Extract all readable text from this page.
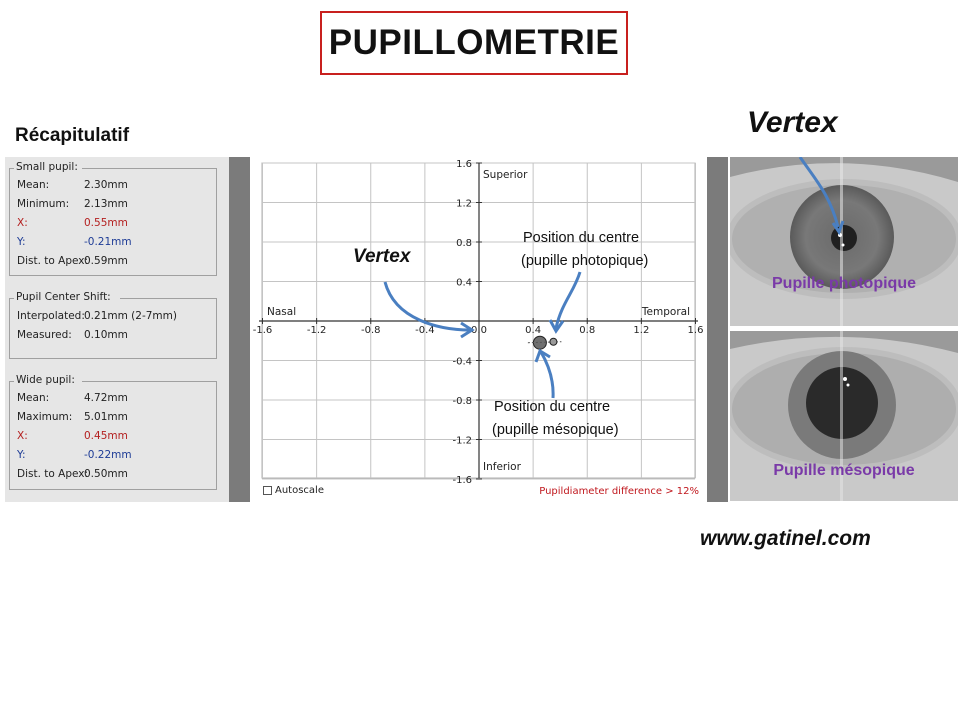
PUPILLOMETRIE
Récapitulatif	Vertex
www.gatinel.com
Small pupil:
Mean:	2.30mm
Minimum: 2.13mm
X:	0.55mm
Y:	-0.21mm
Dist. to Apex:
0.59mm
Pupil Center Shift:
Interpolated: 0.21mm (2-7mm)
Measured: 0.10mm
Wide pupil:
Mean:	4.72mm
Maximum: 5.01mm
X:	0.45mm
Y:	-0.22mm
Dist. to Apex:
0.50mm
-1.6	-1.2	-0.8	-0.4	0.0	0.4	0.8	1.2	1.6
1.6
1.2
0.8
0.4
-0.4
-0.8
-1.2
-1.6
Nasal	Temporal
Superior
Inferior
Autoscale	Pupildiameter difference > 12%
Pupille photopique
Pupille mésopique
Vertex
Position du centre
(pupille photopique)
Position du centre
(pupille mésopique)
